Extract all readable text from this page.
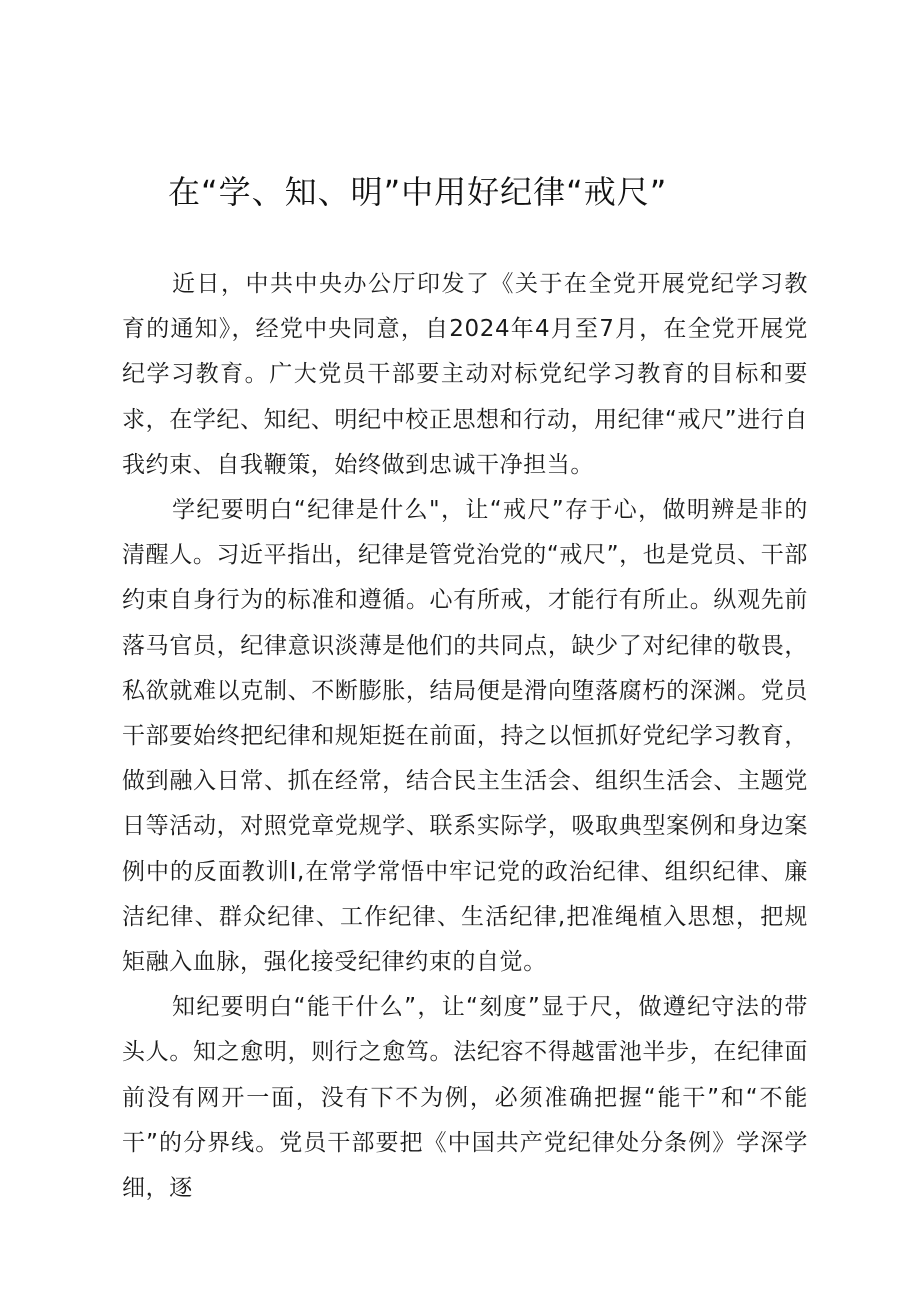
在“学、知、明”中用好纪律“戒尺”

近日，中共中央办公厅印发了《关于在全党开展党纪学习教育的通知》，经党中央同意，自2024年4月至7月，在全党开展党纪学习教育。广大党员干部要主动对标党纪学习教育的目标和要求，在学纪、知纪、明纪中校正思想和行动，用纪律“戒尺”进行自我约束、自我鞭策，始终做到忠诚干净担当。

学纪要明白“纪律是什么"，让“戒尺”存于心，做明辨是非的清醒人。习近平指出，纪律是管党治党的“戒尺”，也是党员、干部约束自身行为的标准和遵循。心有所戒，才能行有所止。纵观先前落马官员，纪律意识淡薄是他们的共同点，缺少了对纪律的敬畏，私欲就难以克制、不断膨胀，结局便是滑向堕落腐朽的深渊。党员干部要始终把纪律和规矩挺在前面，持之以恒抓好党纪学习教育，做到融入日常、抓在经常，结合民主生活会、组织生活会、主题党日等活动，对照党章党规学、联系实际学，吸取典型案例和身边案例中的反面教训I,在常学常悟中牢记党的政治纪律、组织纪律、廉洁纪律、群众纪律、工作纪律、生活纪律,把准绳植入思想，把规矩融入血脉，强化接受纪律约束的自觉。

知纪要明白“能干什么”，让“刻度”显于尺，做遵纪守法的带头人。知之愈明，则行之愈笃。法纪容不得越雷池半步，在纪律面前没有网开一面，没有下不为例，必须准确把握“能干”和“不能干”的分界线。党员干部要把《中国共产党纪律处分条例》学深学细，逐
